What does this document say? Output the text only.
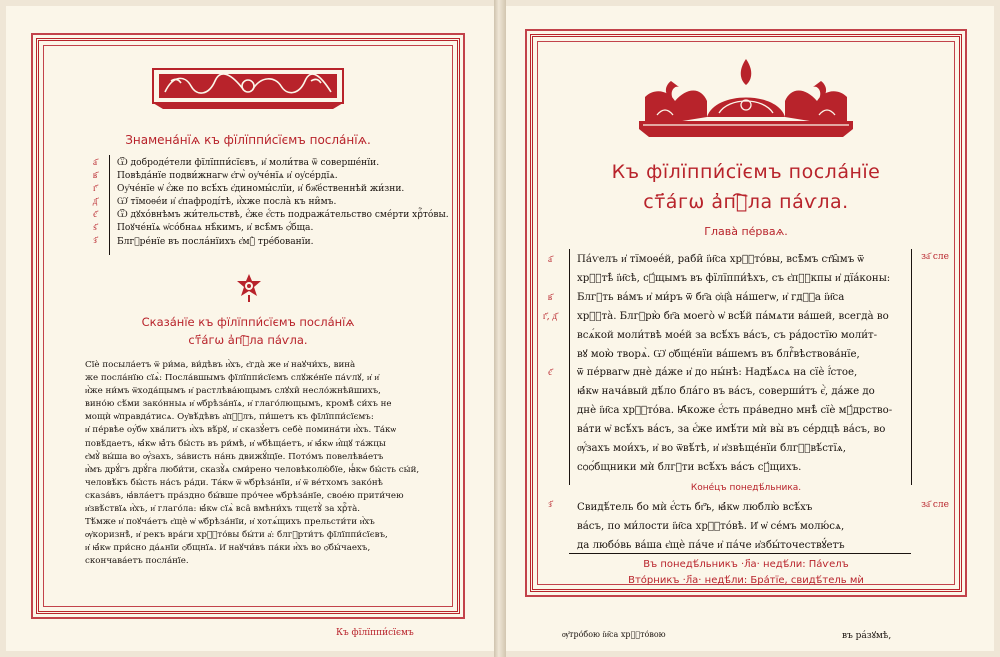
Знамена́нїѧ къ фїлїппи́сїємъ посла́нїѧ.
а҃
в҃
г҃
д҃
є҃
ѕ҃
з҃
Ѿ доброде́тели фїлїппи́сїєвъ, и҆ моли́тва ѿ соверше́нїи.
Повѣда́нїе подви́жнагѡ є҆гѡ̀ оу҆че́нїѧ и҆ оу҆се́рдїѧ.
Оу҆че́нїе ѡ҆ є҆́же по всѣ́хъ є҆диномы́слїи, и҆ бж҃е́ственнѣй жи́зни.
Ѡ҆ тїмоѳе́и и҆ є҆пафроді́тѣ, и҆̀хже посла̀ къ ни̑мъ.
Ѿ дꙋхо́внѣмъ жи́тельствѣ, є҆́же є҆́сть подража́тельство сме́рти хрⷭ҇то́вы.
Поꙋче́нїѧ ѡ҆со́бнаѧ нѣ̑кимъ, и҆ всѣ̑мъ ѻ҆́бща.
Блгⷣре́нїе въ посла́нїихъ є҆мꙋ̀ тре́бованїи.
Сказа́нїе къ фїлїппи́сїємъ посла́нїѧ
ст҃а́гѡ а҆пⷭ҇ла па́ѵла.
Сїѐ посыла́етъ ѿ ри́ма, ви́дѣвъ и҆̀хъ, є҆гда̀ же и҆ наꙋчи́хъ, вина̀
же посла́нїю сїѧ̀: Посла́вшымъ фїлїппи́сїємъ слꙋже́нїе па́ѵлꙋ, и҆ и҆
и҆̀же ни́мъ ѿхода́щымъ и҆ растлѣва́ющымъ слꙋхи̑ несло́жнѣйшихъ,
вино́ю сѣ́ми зако́нныѧ и҆ ѡ҆брѣза́нїѧ, и҆ глаго́лющымъ, кромѣ̀ си́хъ не
мощѝ ѡ҆правда́тисѧ. Оу҆вѣ́дѣвъ а҆пⷭ҇лъ, пи́шетъ къ фїлїппи́сїємъ:
и҆ пе́рвѣе оу҆́бѡ хва́литъ и҆̀хъ вѣ́рꙋ, и҆ сказꙋ́етъ себѐ помина́ти и҆̀хъ. Та́кѡ
повѣ́даетъ, ꙗ҆́кѡ ꙗ҆̀ть бы́сть въ ри́мѣ, и҆ ѡ҆бѣща́етъ, и҆ ꙗ҆́кѡ и҆́щꙋ та́жцы
є҆мꙋ̀ вы́ша во ѹ҆́захъ, за́висть на́нь движꙋ́щїе. Пото́мъ повелѣва́етъ
и҆̀мъ дрꙋ́гъ дрꙋ́га люби́ти, сказꙋ̀ѧ сми́рено человѣколю́бїе, ꙗ҆́кѡ бы́сть сы́й,
человѣ́къ бы́сть на́съ ра́ди. Та́кѡ ѿ ѡ҆брѣза́нїи, и҆ ѿ ве́тхомъ зако́нѣ
сказа́въ, ꙗ҆вла́етъ пра́здно бы́вше про́чее ѡ҆брѣза́нїе, свое́ю прити́чею
и҆звѣ́ствїѧ и҆̀хъ, и҆ глаго́ла: ꙗ҆́кѡ сїѧ̀ вса̑ вмѣни́хъ тщєтꙋ̀ за хрⷭ҇та̀.
Тѣ́мже и҆ поꙋча́етъ є҆щѐ ѡ҆ ѡ҆брѣза́нїи, и҆ хотѧ́щихъ прельсти́ти и҆̀хъ
ѹ҆коризнѣ̀, и҆ рекъ вра́ги хрⷭ҇то́вы бы́ти а҆: блгⷣрти́тъ фїлїппи́сїєвъ,
и҆ ꙗ҆́кѡ при́сно да́ѧнїи ѻ҆бщнїѧ. И҆ наꙋчи́въ па́ки и҆̀хъ во ѻ҆бы́чаехъ,
скончава́етъ посла́нїе.
Къ фїлїппи́сїємъ
Къ фїлїппи́сїємъ посла́нїе
ст҃а́гѡ а҆пⷭ҇ла па́ѵла.
Глава̀ пе́рваѧ.
а҃

в҃
г҃, д҃

є҃
Па́ѵелъ и҆ тїмоѳе́й, раби̑ і҆и҃са хрⷭ҇то́вы, всѣ̑мъ ст҃ы̑мъ ѿ
хрⷭ҇тѣ̀ і҆и҃сѣ, сꙋ́щымъ въ фїлїппи́ѣхъ, съ є҆пⷭ҇кпы и҆ дїа́коны:
Блгⷣть ва́мъ и҆ ми́ръ ѿ бг҃а ѻ҆ц҃а̀ на́шегѡ, и҆ гдⷭ҇а і҆и҃са
хрⷭ҇та̀. Блгⷣрю̀ бг҃а моего̀ ѡ҆ всѣ́й па́мѧти ва́шей, всегда̀ во
всѧ́кой моли́твѣ мое́й за всѣ́хъ ва́съ, съ ра́достїю моли́т-
вꙋ мою̀ творѧ̀. Ѡ҆ ѻ҆бще́нїи ва́шемъ въ блгⷭ҇вѣствова́нїе,
ѿ пе́рвагѡ днѐ да́же и҆ до ны́нѣ: Надѣ́ѧсѧ на сїѐ і҆́стое,
ꙗ҆́кѡ нача́вый дѣ́ло бла́го въ ва́съ, соверши́тъ є҆̀, да́же до
днѐ і҆и҃са хрⷭ҇то́ва. Ꙗ҆́коже є҆́сть пра́ведно мнѣ̀ сїѐ мꙋ́дрство-
ва́ти ѡ҆ всѣ́хъ ва́съ, за є҆́же имѣ́ти мѝ вы̀ въ се́рдцѣ ва́съ, во
ѹ҆́захъ мои́хъ, и҆ во ѿвѣ́тѣ, и҆ и҆звѣще́нїи блгⷭ҇вѣ́стїѧ,
сѻѻ́бщники мѝ блгⷣти всѣ́хъ ва́съ сꙋ́щихъ.
за҃ сле
Коне́цъ понедѣ́льника.
з҃	Свидѣ́тель бо мѝ є҆́сть бг҃ъ, ꙗ҆́кѡ люблю̀ всѣ́хъ
ва́съ, по ми́лости і҆и҃са хрⷭ҇то́вѣ. И҆ ѡ҆ се́мъ молю́сѧ,
да любо́вь ва́ша є҆щѐ па́че и҆ па́че и҆збы́точествꙋ́етъ
за҃ сле
Въ понедѣ́льникъ ‧л҃а‧ недѣ́ли: Па́ѵелъ
Вто́рникъ ‧л҃а‧ недѣ́ли: Бра́тїе, свидѣ́тель мѝ
ѹ҆тро́бою і҆и҃са хрⷭ҇то́вою	въ ра́зꙋмѣ,
